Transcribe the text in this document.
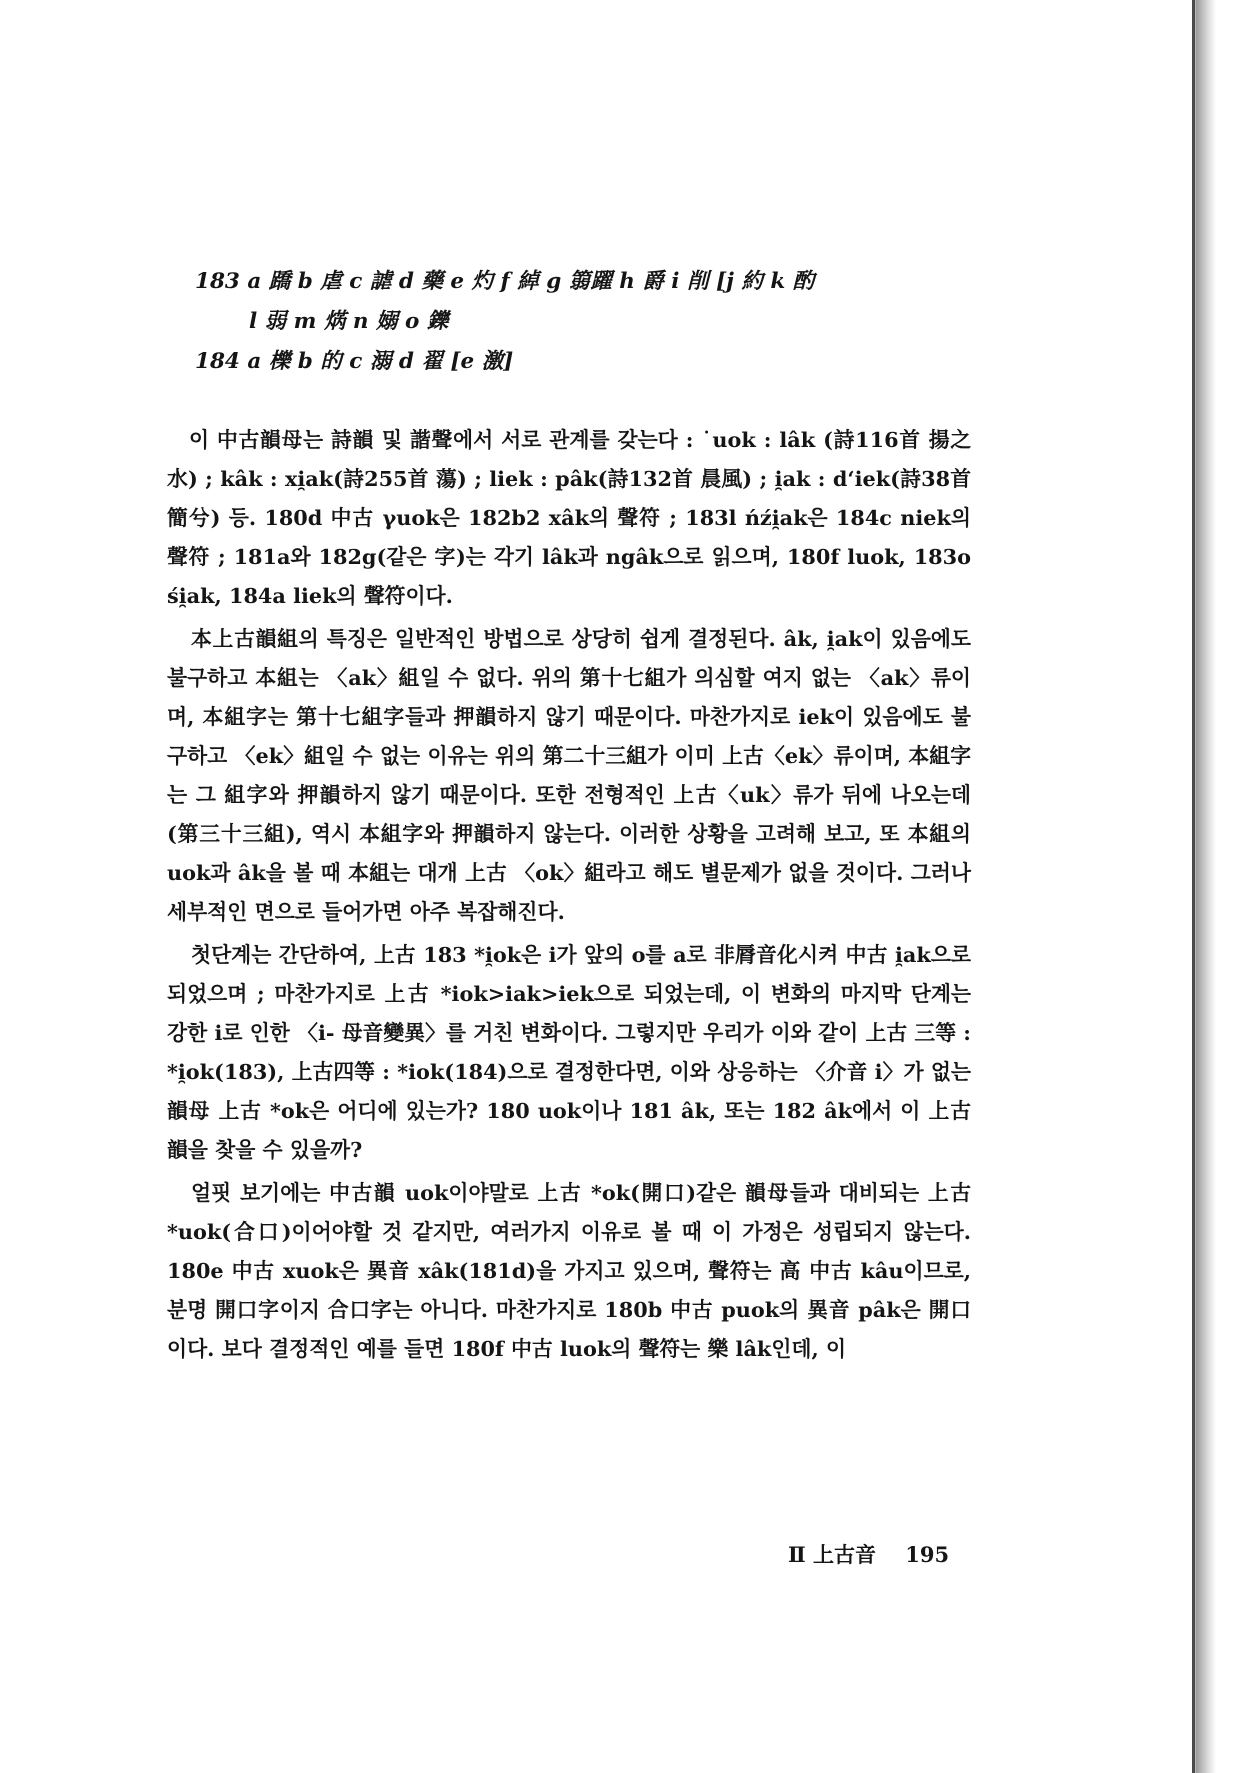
183 a 蹻 b 虐 c 謔 d 藥 e 灼 f 綽 g 篛躍 h 爵 i 削 [j 約 k 酌
l 弱 m 焫 n 嫋 o 鑠
184 a 櫟 b 的 c 溺 d 翟 [e 激]

이 中古韻母는 詩韻 및 諧聲에서 서로 관계를 갖는다 : ˙uok : lâk (詩116首 揚之水) ; kâk : xi̯ak(詩255首 蕩) ; liek : pâk(詩132首 晨風) ; i̯ak : dʻiek(詩38首 簡兮) 등. 180d 中古 γuok은 182b2 xâk의 聲符 ; 183l ńźi̯ak은 184c niek의 聲符 ; 181a와 182g(같은 字)는 각기 lâk과 ngâk으로 읽으며, 180f luok, 183o śi̯ak, 184a liek의 聲符이다.

本上古韻組의 특징은 일반적인 방법으로 상당히 쉽게 결정된다. âk, i̯ak이 있음에도 불구하고 本組는 〈ak〉組일 수 없다. 위의 第十七組가 의심할 여지 없는 〈ak〉류이며, 本組字는 第十七組字들과 押韻하지 않기 때문이다. 마찬가지로 iek이 있음에도 불구하고 〈ek〉組일 수 없는 이유는 위의 第二十三組가 이미 上古〈ek〉류이며, 本組字는 그 組字와 押韻하지 않기 때문이다. 또한 전형적인 上古〈uk〉류가 뒤에 나오는데(第三十三組), 역시 本組字와 押韻하지 않는다. 이러한 상황을 고려해 보고, 또 本組의 uok과 âk을 볼 때 本組는 대개 上古 〈ok〉組라고 해도 별문제가 없을 것이다. 그러나 세부적인 면으로 들어가면 아주 복잡해진다.

첫단계는 간단하여, 上古 183 *i̯ok은 i가 앞의 o를 a로 非脣音化시켜 中古 i̯ak으로 되었으며 ; 마찬가지로 上古 *iok>iak>iek으로 되었는데, 이 변화의 마지막 단계는 강한 i로 인한 〈i- 母音變異〉를 거친 변화이다. 그렇지만 우리가 이와 같이 上古 三等 : *i̯ok(183), 上古四等 : *iok(184)으로 결정한다면, 이와 상응하는 〈介音 i〉가 없는 韻母 上古 *ok은 어디에 있는가? 180 uok이나 181 âk, 또는 182 âk에서 이 上古韻을 찾을 수 있을까?

얼핏 보기에는 中古韻 uok이야말로 上古 *ok(開口)같은 韻母들과 대비되는 上古 *uok(合口)이어야할 것 같지만, 여러가지 이유로 볼 때 이 가정은 성립되지 않는다. 180e 中古 xuok은 異音 xâk(181d)을 가지고 있으며, 聲符는 高 中古 kâu이므로, 분명 開口字이지 合口字는 아니다. 마찬가지로 180b 中古 puok의 異音 pâk은 開口이다. 보다 결정적인 예를 들면 180f 中古 luok의 聲符는 樂 lâk인데, 이

Ⅱ 上古音 195
